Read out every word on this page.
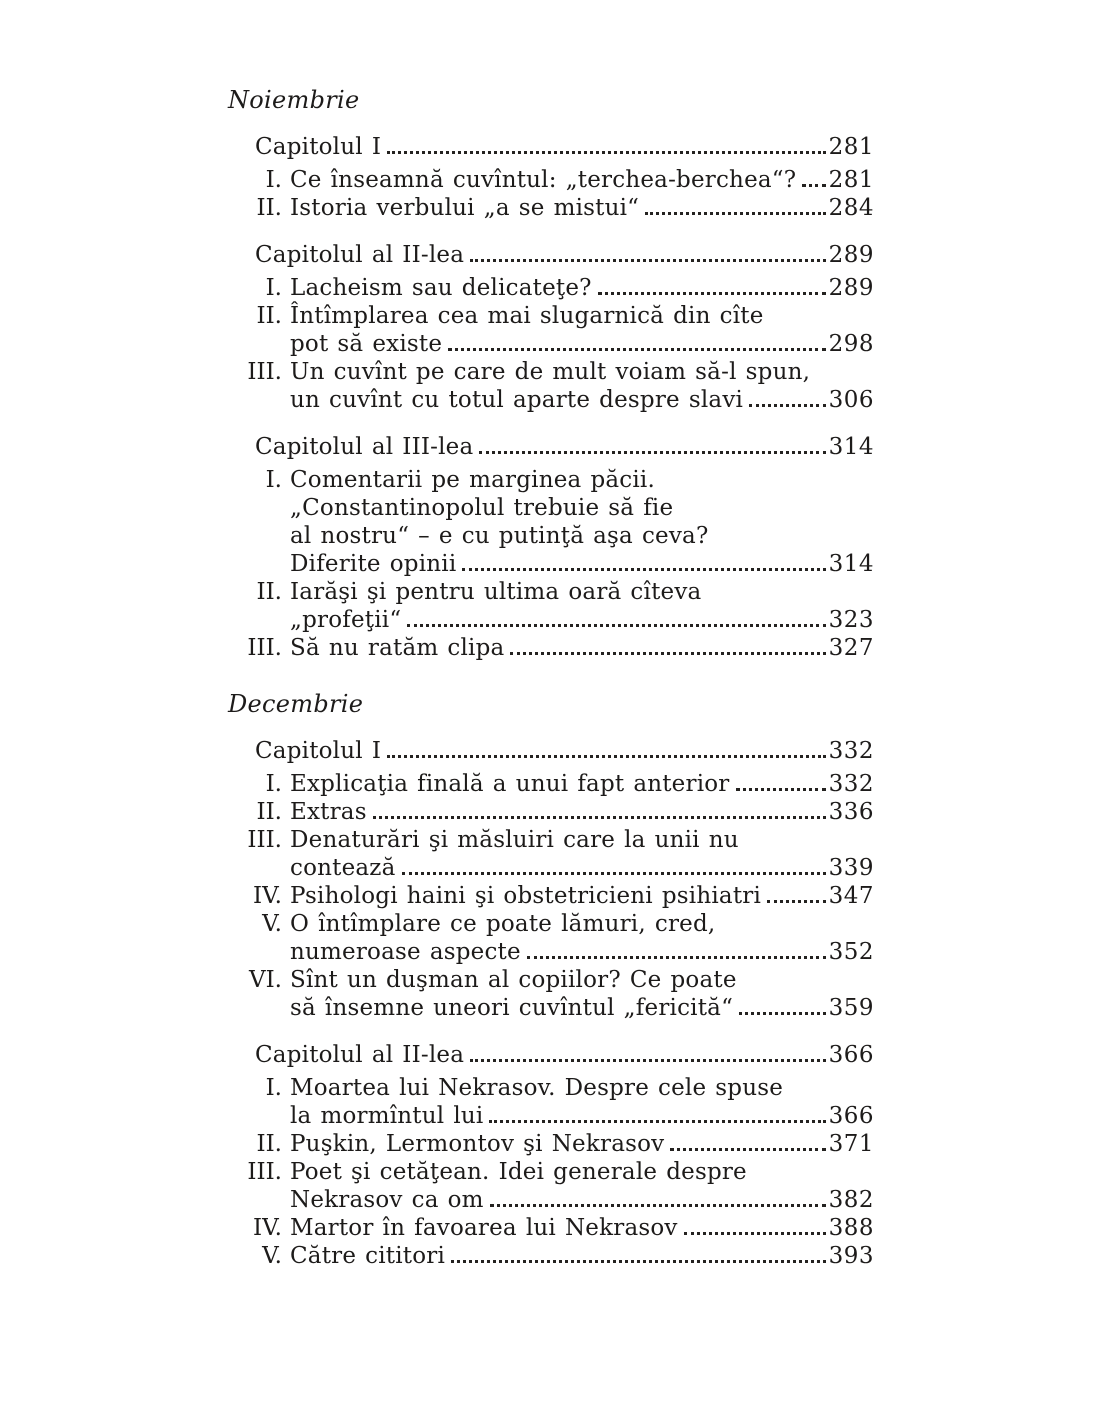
Noiembrie
Capitolul I	281
I. Ce înseamnă cuvîntul: „terchea-berchea“? 281
II. Istoria verbului „a se mistui“	284
Capitolul al II-lea	289
I. Lacheism sau delicateţe?	289
II. Întîmplarea cea mai slugarnică din cîte
pot să existe	298
III. Un cuvînt pe care de mult voiam să-l spun,
un cuvînt cu totul aparte despre slavi	306
Capitolul al III-lea	314
I. Comentarii pe marginea păcii.
„Constantinopolul trebuie să fie
al nostru“ – e cu putinţă aşa ceva?
Diferite opinii	314
II. Iarăşi şi pentru ultima oară cîteva
„profeţii“	323
III. Să nu ratăm clipa	327
Decembrie
Capitolul I	332
I. Explicaţia finală a unui fapt anterior	332
II. Extras	336
III. Denaturări şi măsluiri care la unii nu
contează	339
IV. Psihologi haini şi obstetricieni psihiatri	347
V. O întîmplare ce poate lămuri, cred,
numeroase aspecte	352
VI. Sînt un duşman al copiilor? Ce poate
să însemne uneori cuvîntul „fericită“	359
Capitolul al II-lea	366
I. Moartea lui Nekrasov. Despre cele spuse
la mormîntul lui	366
II. Puşkin, Lermontov şi Nekrasov	371
III. Poet şi cetăţean. Idei generale despre
Nekrasov ca om	382
IV. Martor în favoarea lui Nekrasov	388
V. Către cititori	393
